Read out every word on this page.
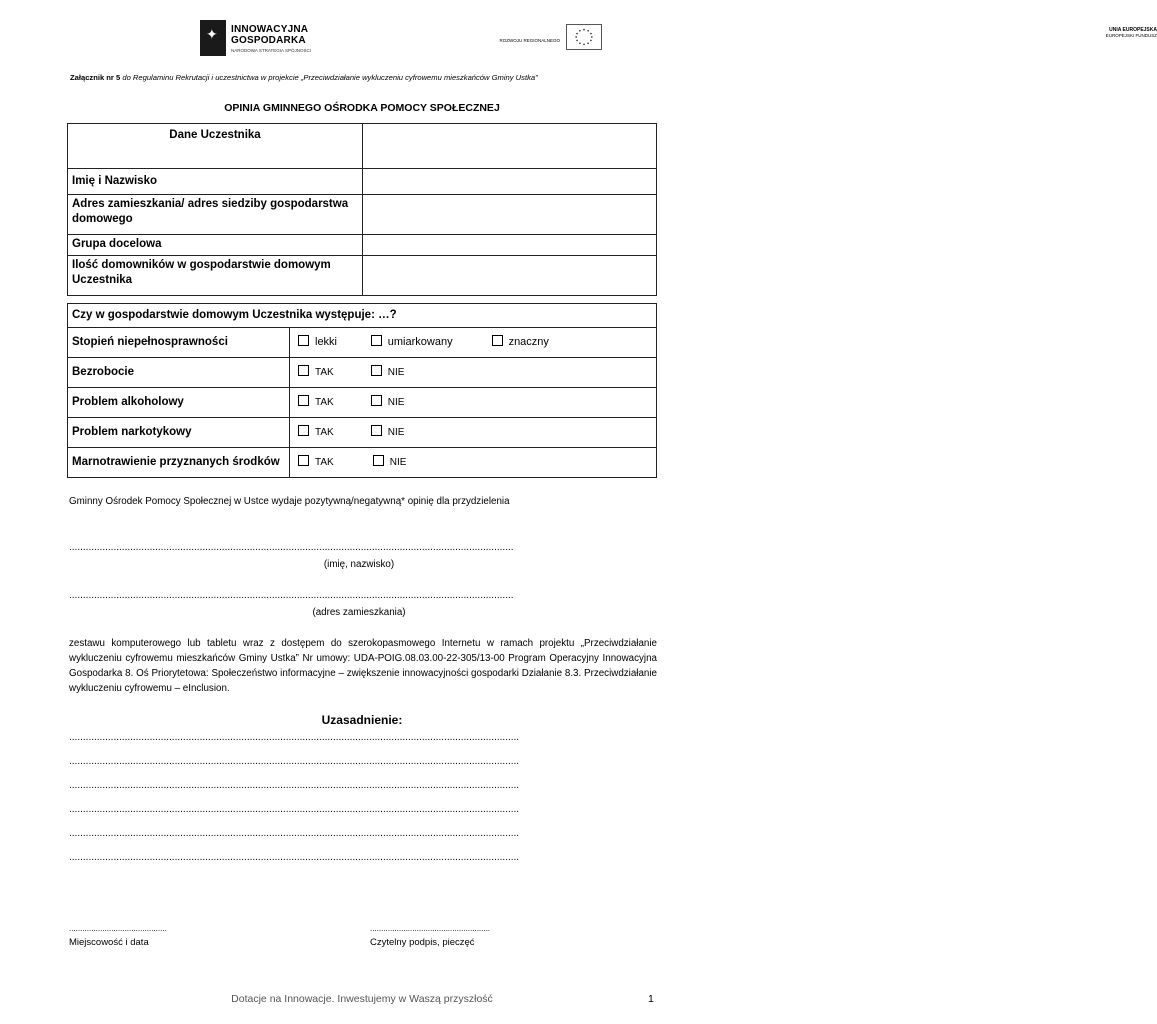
✦ INNOWACYJNA
GOSPODARKA
NARODOWA STRATEGIA SPÓJNOŚCI
UNIA EUROPEJSKA
EUROPEJSKI FUNDUSZ
ROZWOJU REGIONALNEGO
Załącznik nr 5 do Regulaminu Rekrutacji i uczestnictwa w projekcie „Przeciwdziałanie wykluczeniu cyfrowemu mieszkańców Gminy Ustka”
OPINIA GMINNEGO OŚRODKA POMOCY SPOŁECZNEJ
Dane Uczestnika	
Imię i Nazwisko	
Adres zamieszkania/ adres siedziby gospodarstwa domowego	
Grupa docelowa	
Ilość domowników w gospodarstwie domowym Uczestnika	
Czy w gospodarstwie domowym Uczestnika występuje: …?	
Stopień niepełnosprawności	lekki umiarkowany znaczny
Bezrobocie	TAK NIE
Problem alkoholowy	TAK NIE
Problem narkotykowy	TAK NIE
Marnotrawienie przyznanych środków	TAK NIE
Gminny Ośrodek Pomocy Społecznej w Ustce wydaje pozytywną/negatywną* opinię dla przydzielenia
................................................................................................................................................................
(imię, nazwisko)
................................................................................................................................................................
(adres zamieszkania)
zestawu komputerowego lub tabletu wraz z dostępem do szerokopasmowego Internetu w ramach projektu „Przeciwdziałanie wykluczeniu cyfrowemu mieszkańców Gminy Ustka” Nr umowy: UDA-POIG.08.03.00-22-305/13-00 Program Operacyjny Innowacyjna Gospodarka 8. Oś Priorytetowa: Społeczeństwo informacyjne – zwiększenie innowacyjności gospodarki Działanie 8.3. Przeciwdziałanie wykluczeniu cyfrowemu – eInclusion.
Uzasadnienie:
..................................................................................................................................................................
..................................................................................................................................................................
..................................................................................................................................................................
..................................................................................................................................................................
..................................................................................................................................................................
..................................................................................................................................................................
............................................
Miejscowość i data
......................................................
Czytelny podpis, pieczęć
Dotacje na Innowacje. Inwestujemy w Waszą przyszłość	1
